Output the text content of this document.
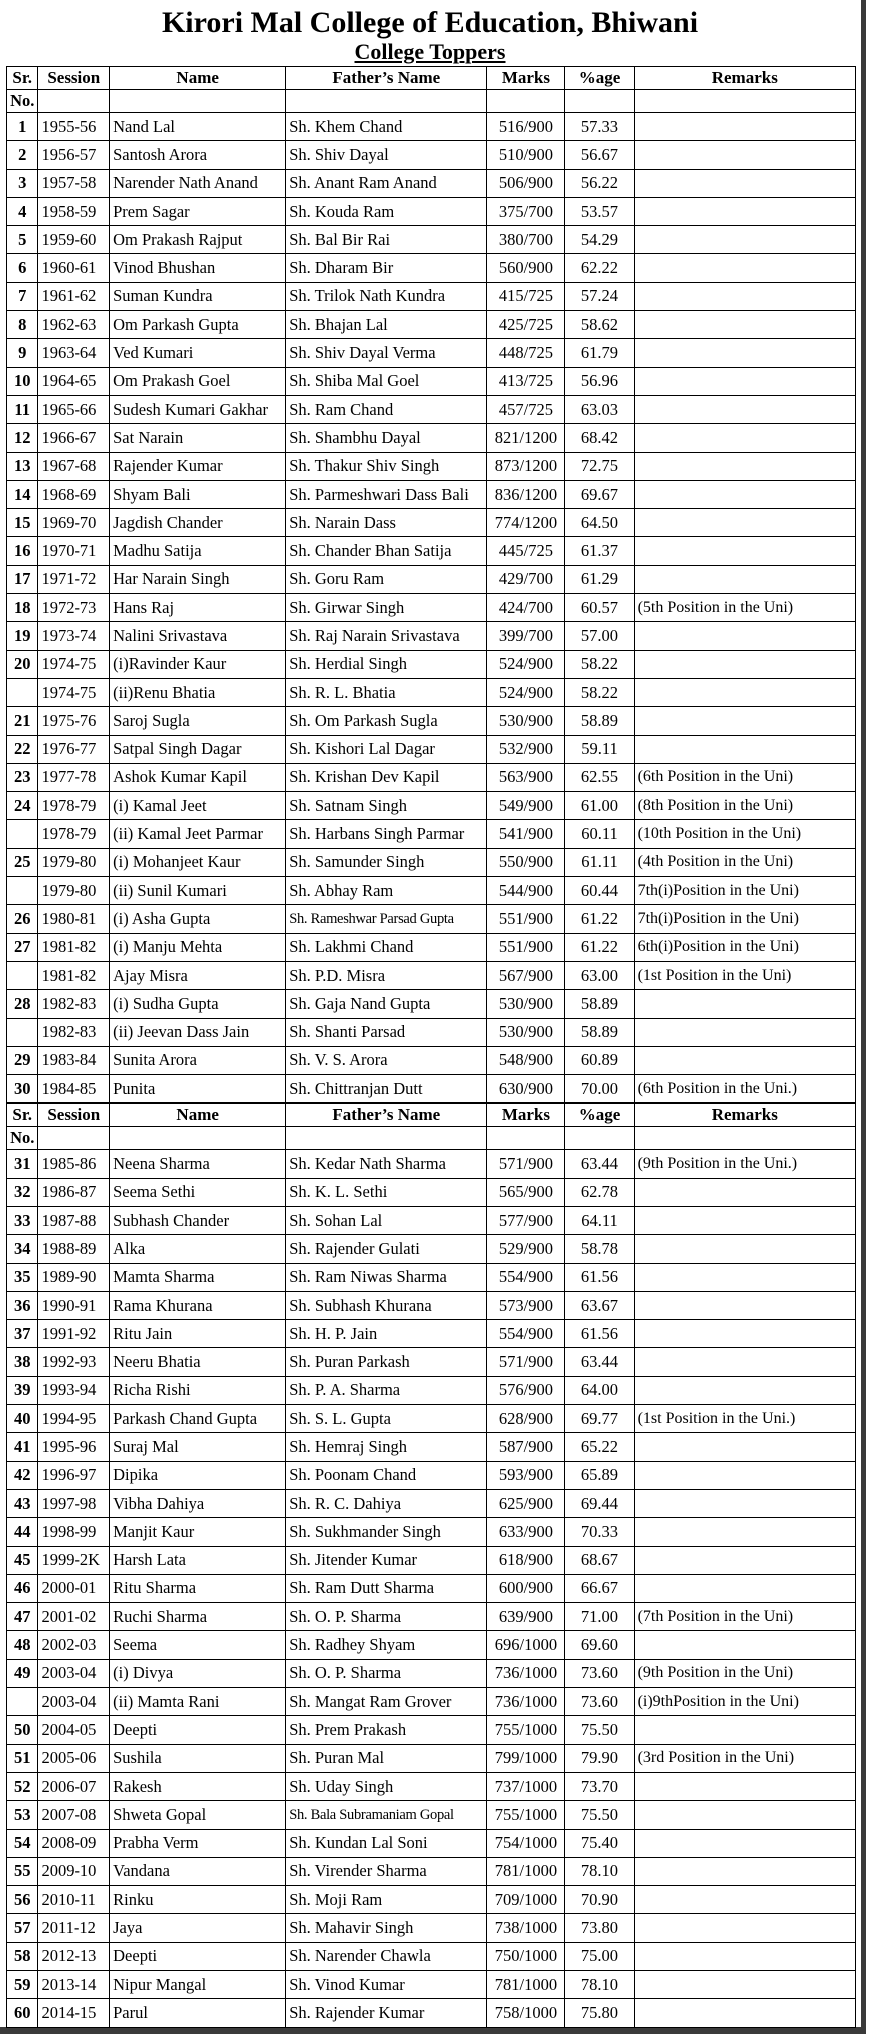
Kirori Mal College of Education, Bhiwani
College Toppers
Sr.	Session	Name	Father’s Name	Marks	%age	Remarks
No.						
1	1955-56	Nand Lal	Sh. Khem Chand	516/900	57.33	
2	1956-57	Santosh Arora	Sh. Shiv Dayal	510/900	56.67	
3	1957-58	Narender Nath Anand	Sh. Anant Ram Anand	506/900	56.22	
4	1958-59	Prem Sagar	Sh. Kouda Ram	375/700	53.57	
5	1959-60	Om Prakash Rajput	Sh. Bal Bir Rai	380/700	54.29	
6	1960-61	Vinod Bhushan	Sh. Dharam Bir	560/900	62.22	
7	1961-62	Suman Kundra	Sh. Trilok Nath Kundra	415/725	57.24	
8	1962-63	Om Parkash Gupta	Sh. Bhajan Lal	425/725	58.62	
9	1963-64	Ved Kumari	Sh. Shiv Dayal Verma	448/725	61.79	
10	1964-65	Om Prakash Goel	Sh. Shiba Mal Goel	413/725	56.96	
11	1965-66	Sudesh Kumari Gakhar	Sh. Ram Chand	457/725	63.03	
12	1966-67	Sat Narain	Sh. Shambhu Dayal	821/1200	68.42	
13	1967-68	Rajender Kumar	Sh. Thakur Shiv Singh	873/1200	72.75	
14	1968-69	Shyam Bali	Sh. Parmeshwari Dass Bali	836/1200	69.67	
15	1969-70	Jagdish Chander	Sh. Narain Dass	774/1200	64.50	
16	1970-71	Madhu Satija	Sh. Chander Bhan Satija	445/725	61.37	
17	1971-72	Har Narain Singh	Sh. Goru Ram	429/700	61.29	
18	1972-73	Hans Raj	Sh. Girwar Singh	424/700	60.57	(5th Position in the Uni)
19	1973-74	Nalini Srivastava	Sh. Raj Narain Srivastava	399/700	57.00	
20	1974-75	(i)Ravinder Kaur	Sh. Herdial Singh	524/900	58.22	
	1974-75	(ii)Renu Bhatia	Sh. R. L. Bhatia	524/900	58.22	
21	1975-76	Saroj Sugla	Sh. Om Parkash Sugla	530/900	58.89	
22	1976-77	Satpal Singh Dagar	Sh. Kishori Lal Dagar	532/900	59.11	
23	1977-78	Ashok Kumar Kapil	Sh. Krishan Dev Kapil	563/900	62.55	(6th Position in the Uni)
24	1978-79	(i) Kamal Jeet	Sh. Satnam Singh	549/900	61.00	(8th Position in the Uni)
	1978-79	(ii) Kamal Jeet Parmar	Sh. Harbans Singh Parmar	541/900	60.11	(10th Position in the Uni)
25	1979-80	(i) Mohanjeet Kaur	Sh. Samunder Singh	550/900	61.11	(4th Position in the Uni)
	1979-80	(ii) Sunil Kumari	Sh. Abhay Ram	544/900	60.44	7th(i)Position in the Uni)
26	1980-81	(i) Asha Gupta	Sh. Rameshwar Parsad Gupta	551/900	61.22	7th(i)Position in the Uni)
27	1981-82	(i) Manju Mehta	Sh. Lakhmi Chand	551/900	61.22	6th(i)Position in the Uni)
	1981-82	Ajay Misra	Sh. P.D. Misra	567/900	63.00	(1st Position in the Uni)
28	1982-83	(i) Sudha Gupta	Sh. Gaja Nand Gupta	530/900	58.89	
	1982-83	(ii) Jeevan Dass Jain	Sh. Shanti Parsad	530/900	58.89	
29	1983-84	Sunita Arora	Sh. V. S. Arora	548/900	60.89	
30	1984-85	Punita	Sh. Chittranjan Dutt	630/900	70.00	(6th Position in the Uni.)
Sr.	Session	Name	Father’s Name	Marks	%age	Remarks
No.						
31	1985-86	Neena Sharma	Sh. Kedar Nath Sharma	571/900	63.44	(9th Position in the Uni.)
32	1986-87	Seema Sethi	Sh. K. L. Sethi	565/900	62.78	
33	1987-88	Subhash Chander	Sh. Sohan Lal	577/900	64.11	
34	1988-89	Alka	Sh. Rajender Gulati	529/900	58.78	
35	1989-90	Mamta Sharma	Sh. Ram Niwas Sharma	554/900	61.56	
36	1990-91	Rama Khurana	Sh. Subhash Khurana	573/900	63.67	
37	1991-92	Ritu Jain	Sh. H. P. Jain	554/900	61.56	
38	1992-93	Neeru Bhatia	Sh. Puran Parkash	571/900	63.44	
39	1993-94	Richa Rishi	Sh. P. A. Sharma	576/900	64.00	
40	1994-95	Parkash Chand Gupta	Sh. S. L. Gupta	628/900	69.77	(1st Position in the Uni.)
41	1995-96	Suraj Mal	Sh. Hemraj Singh	587/900	65.22	
42	1996-97	Dipika	Sh. Poonam Chand	593/900	65.89	
43	1997-98	Vibha Dahiya	Sh. R. C. Dahiya	625/900	69.44	
44	1998-99	Manjit Kaur	Sh. Sukhmander Singh	633/900	70.33	
45	1999-2K	Harsh Lata	Sh. Jitender Kumar	618/900	68.67	
46	2000-01	Ritu Sharma	Sh. Ram Dutt Sharma	600/900	66.67	
47	2001-02	Ruchi Sharma	Sh. O. P. Sharma	639/900	71.00	(7th Position in the Uni)
48	2002-03	Seema	Sh. Radhey Shyam	696/1000	69.60	
49	2003-04	(i) Divya	Sh. O. P. Sharma	736/1000	73.60	(9th Position in the Uni)
	2003-04	(ii) Mamta Rani	Sh. Mangat Ram Grover	736/1000	73.60	(i)9thPosition in the Uni)
50	2004-05	Deepti	Sh. Prem Prakash	755/1000	75.50	
51	2005-06	Sushila	Sh. Puran Mal	799/1000	79.90	(3rd Position in the Uni)
52	2006-07	Rakesh	Sh. Uday Singh	737/1000	73.70	
53	2007-08	Shweta Gopal	Sh. Bala Subramaniam Gopal	755/1000	75.50	
54	2008-09	Prabha Verm	Sh. Kundan Lal Soni	754/1000	75.40	
55	2009-10	Vandana	Sh. Virender Sharma	781/1000	78.10	
56	2010-11	Rinku	Sh. Moji Ram	709/1000	70.90	
57	2011-12	Jaya	Sh. Mahavir Singh	738/1000	73.80	
58	2012-13	Deepti	Sh. Narender Chawla	750/1000	75.00	
59	2013-14	Nipur Mangal	Sh. Vinod Kumar	781/1000	78.10	
60	2014-15	Parul	Sh. Rajender Kumar	758/1000	75.80	
